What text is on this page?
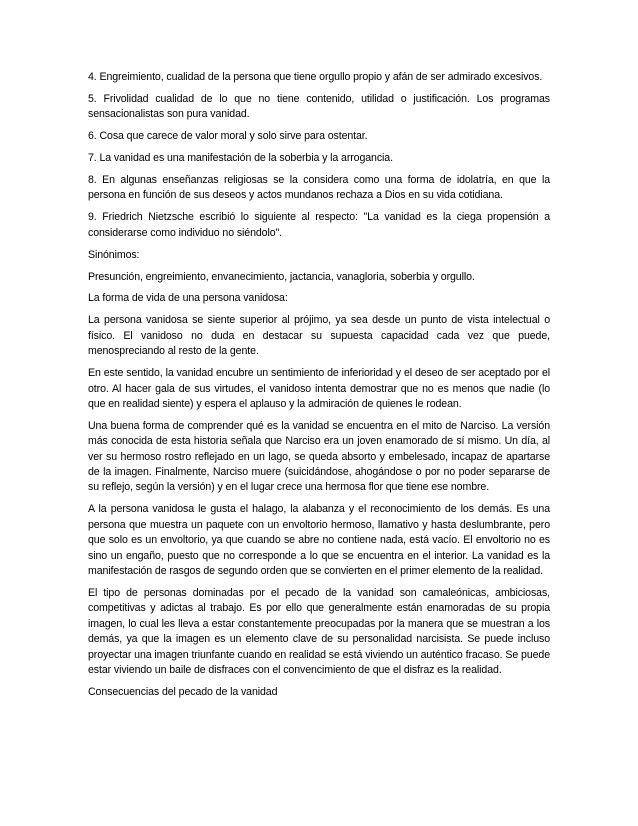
4. Engreimiento, cualidad de la persona que tiene orgullo propio y afán de ser admirado excesivos.

5. Frivolidad cualidad de lo que no tiene contenido, utilidad o justificación. Los programas sensacionalistas son pura vanidad.

6. Cosa que carece de valor moral y solo sirve para ostentar.

7. La vanidad es una manifestación de la soberbia y la arrogancia.

8. En algunas enseñanzas religiosas se la considera como una forma de idolatría, en que la persona en función de sus deseos y actos mundanos rechaza a Dios en su vida cotidiana.

9. Friedrich Nietzsche escribió lo siguiente al respecto: "La vanidad es la ciega propensión a considerarse como individuo no siéndolo".

Sinónimos:

Presunción, engreimiento, envanecimiento, jactancia, vanagloria, soberbia y orgullo.

La forma de vida de una persona vanidosa:

La persona vanidosa se siente superior al prójimo, ya sea desde un punto de vista intelectual o físico. El vanidoso no duda en destacar su supuesta capacidad cada vez que puede, menospreciando al resto de la gente.

En este sentido, la vanidad encubre un sentimiento de inferioridad y el deseo de ser aceptado por el otro. Al hacer gala de sus virtudes, el vanidoso intenta demostrar que no es menos que nadie (lo que en realidad siente) y espera el aplauso y la admiración de quienes le rodean.

Una buena forma de comprender qué es la vanidad se encuentra en el mito de Narciso. La versión más conocida de esta historia señala que Narciso era un joven enamorado de sí mismo. Un día, al ver su hermoso rostro reflejado en un lago, se queda absorto y embelesado, incapaz de apartarse de la imagen. Finalmente, Narciso muere (suicidándose, ahogándose o por no poder separarse de su reflejo, según la versión) y en el lugar crece una hermosa flor que tiene ese nombre.

A la persona vanidosa le gusta el halago, la alabanza y el reconocimiento de los demás. Es una persona que muestra un paquete con un envoltorio hermoso, llamativo y hasta deslumbrante, pero que solo es un envoltorio, ya que cuando se abre no contiene nada, está vacío. El envoltorio no es sino un engaño, puesto que no corresponde a lo que se encuentra en el interior. La vanidad es la manifestación de rasgos de segundo orden que se convierten en el primer elemento de la realidad.

El tipo de personas dominadas por el pecado de la vanidad son camaleónicas, ambiciosas, competitivas y adictas al trabajo. Es por ello que generalmente están enamoradas de su propia imagen, lo cual les lleva a estar constantemente preocupadas por la manera que se muestran a los demás, ya que la imagen es un elemento clave de su personalidad narcisista. Se puede incluso proyectar una imagen triunfante cuando en realidad se está viviendo un auténtico fracaso. Se puede estar viviendo un baile de disfraces con el convencimiento de que el disfraz es la realidad.

Consecuencias del pecado de la vanidad
